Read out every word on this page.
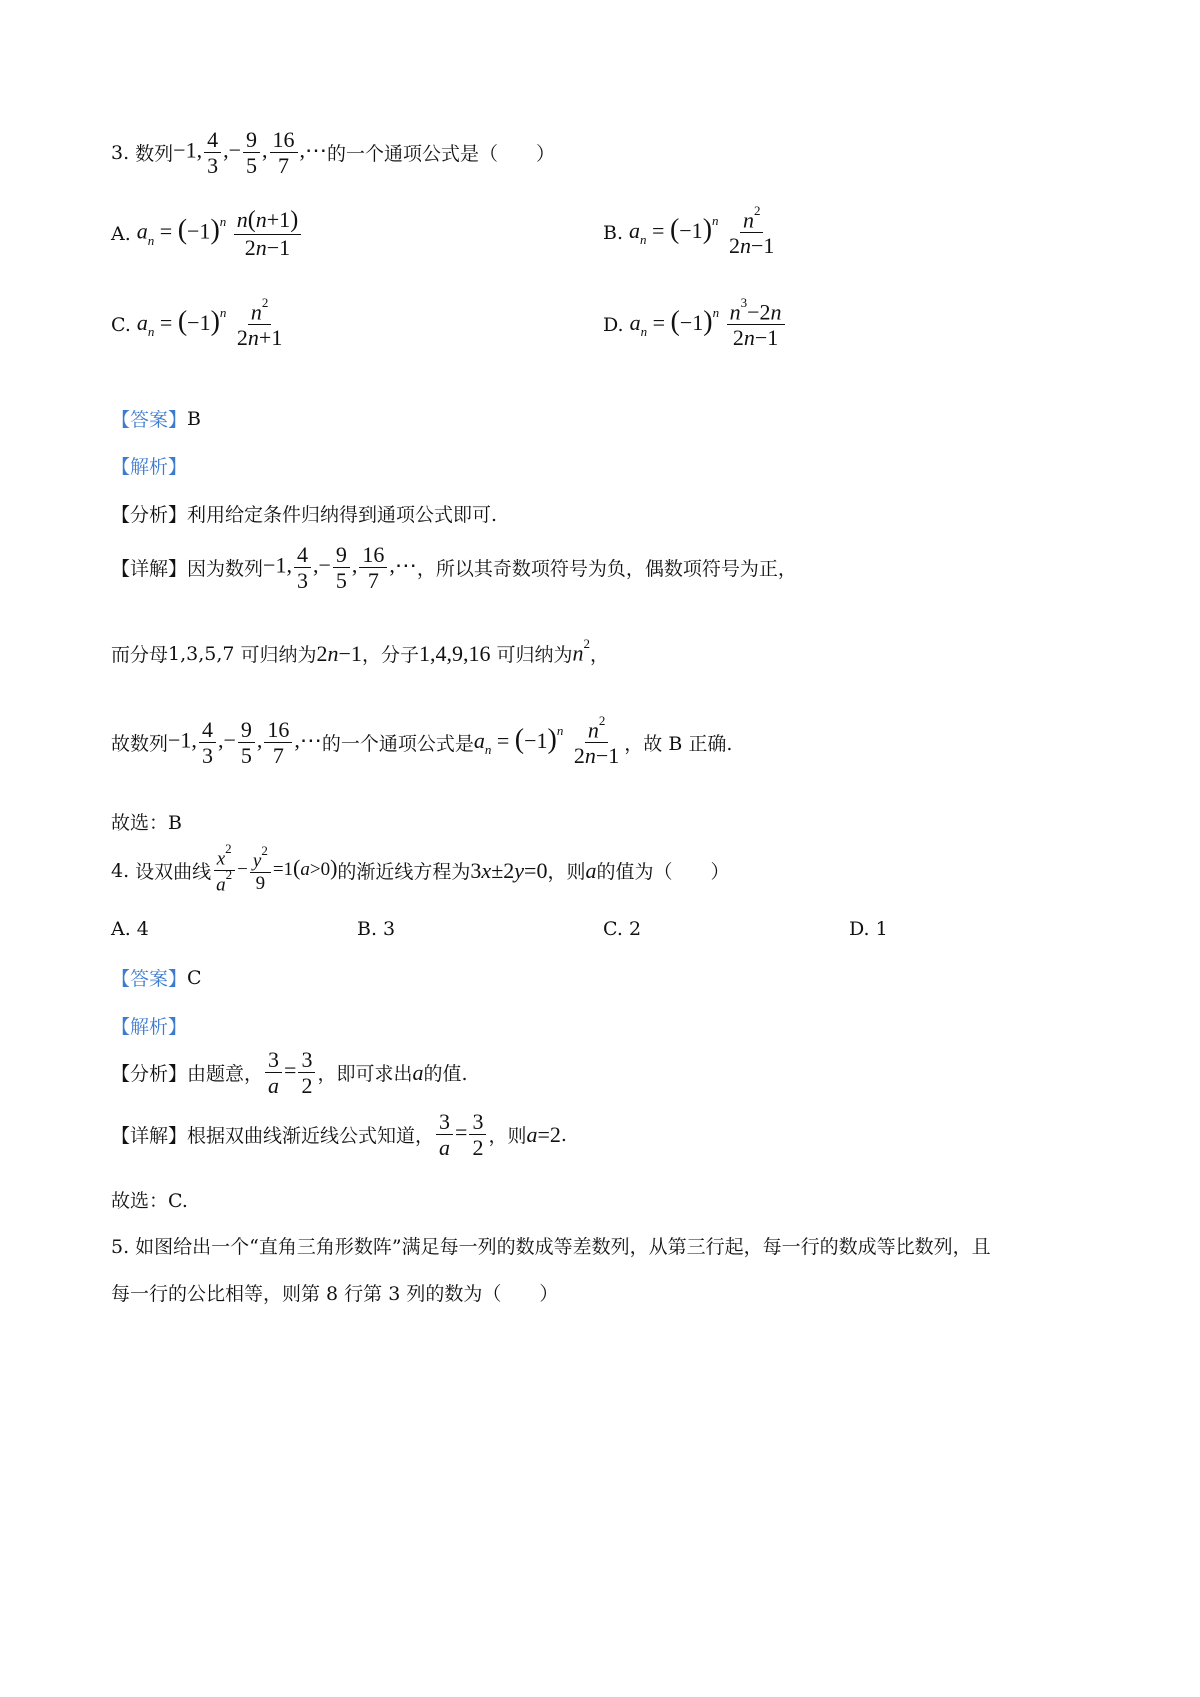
3. 数列 −1, $\frac{4}{3}$ ,− $\frac{9}{5}$ , $\frac{16}{7}$ ,⋯ 的一个通项公式是（　　）
A. $a_n = (-1)^n \frac{n(n+1)}{2n-1}$	B. $a_n = (-1)^n \frac{n^2}{2n-1}$
C. $a_n = (-1)^n \frac{n^2}{2n+1}$	D. $a_n = (-1)^n \frac{n^3-2n}{2n-1}$
【答案】 B
【解析】
【分析】 利用给定条件归纳得到通项公式即可.
【详解】 因为数列 −1, $\frac{4}{3}$ ,− $\frac{9}{5}$ , $\frac{16}{7}$ ,⋯ ，所以其奇数项符号为负，偶数项符号为正，
而分母 1,3,5,7 可归纳为 2n−1 ，分子 1,4,9,16 可归纳为 $n^2$
，
故数列 −1, $\frac{4}{3}$ ,− $\frac{9}{5}$ , $\frac{16}{7}$ ,⋯ 的一个通项公式是 $a_n = (-1)^n \frac{n^2}{2n-1}$ ，故 B 正确.
故选：B
4. 设双曲线 $\frac{x^2}{a^2} - \frac{y^2}{9} =1(a>0)$ 的渐近线方程为 3x±2y=0 ，则 a 的值为（　　）
A. 4	B. 3	C. 2	D. 1
【答案】 C
【解析】
【分析】 由题意， $\frac{3}{a} = \frac{3}{2}$ ，即可求出 a 的值.
【详解】 根据双曲线渐近线公式知道， $\frac{3}{a} = \frac{3}{2}$ ，则 a=2 .
故选：C.
5. 如图给出一个“直角三角形数阵”满足每一列的数成等差数列，从第三行起，每一行的数成等比数列，且
每一行的公比相等，则第 8 行第 3 列的数为（　　）
